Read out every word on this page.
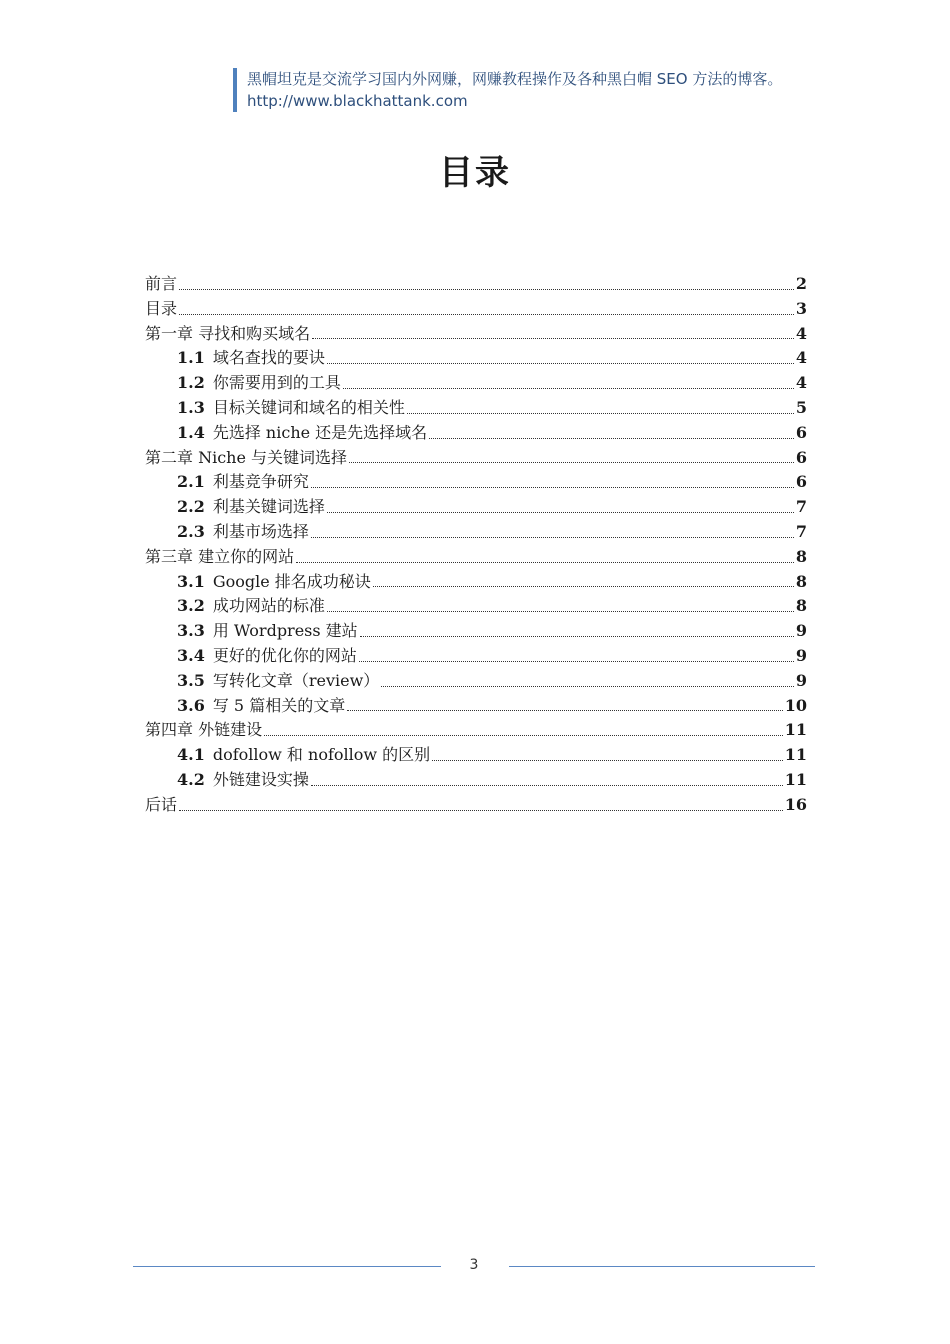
黑帽坦克是交流学习国内外网赚，网赚教程操作及各种黑白帽 SEO 方法的博客。http://www.blackhattank.com
目录
前言	2
目录	3
第一章 寻找和购买域名	4
1.1 域名查找的要诀	4
1.2 你需要用到的工具	4
1.3 目标关键词和域名的相关性	5
1.4 先选择 niche 还是先选择域名	6
第二章 Niche 与关键词选择	6
2.1 利基竞争研究	6
2.2 利基关键词选择	7
2.3 利基市场选择	7
第三章 建立你的网站	8
3.1 Google 排名成功秘诀	8
3.2 成功网站的标准	8
3.3 用 Wordpress 建站	9
3.4 更好的优化你的网站	9
3.5 写转化文章（review）	9
3.6 写 5 篇相关的文章	10
第四章 外链建设	11
4.1 dofollow 和 nofollow 的区别	11
4.2 外链建设实操	11
后话	16
3
